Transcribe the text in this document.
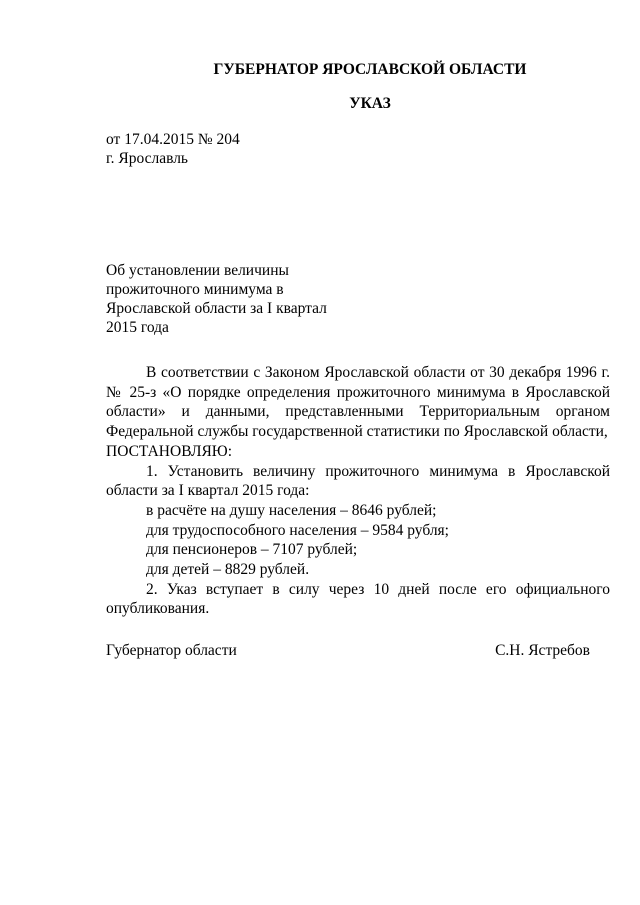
ГУБЕРНАТОР ЯРОСЛАВСКОЙ ОБЛАСТИ
УКАЗ
от 17.04.2015 № 204
г. Ярославль
Об установлении величины
прожиточного минимума в
Ярославской области за I квартал
2015 года

В соответствии с Законом Ярославской области от 30 декабря 1996 г. № 25-з «О порядке определения прожиточного минимума в Ярославской области» и данными, представленными Территориальным органом Федеральной службы государственной статистики по Ярославской области,

ПОСТАНОВЛЯЮ:

1. Установить величину прожиточного минимума в Ярославской области за I квартал 2015 года:

в расчёте на душу населения – 8646 рублей;

для трудоспособного населения – 9584 рубля;

для пенсионеров – 7107 рублей;

для детей – 8829 рублей.

2. Указ вступает в силу через 10 дней после его официального опубликования.

Губернатор области	С.Н. Ястребов
